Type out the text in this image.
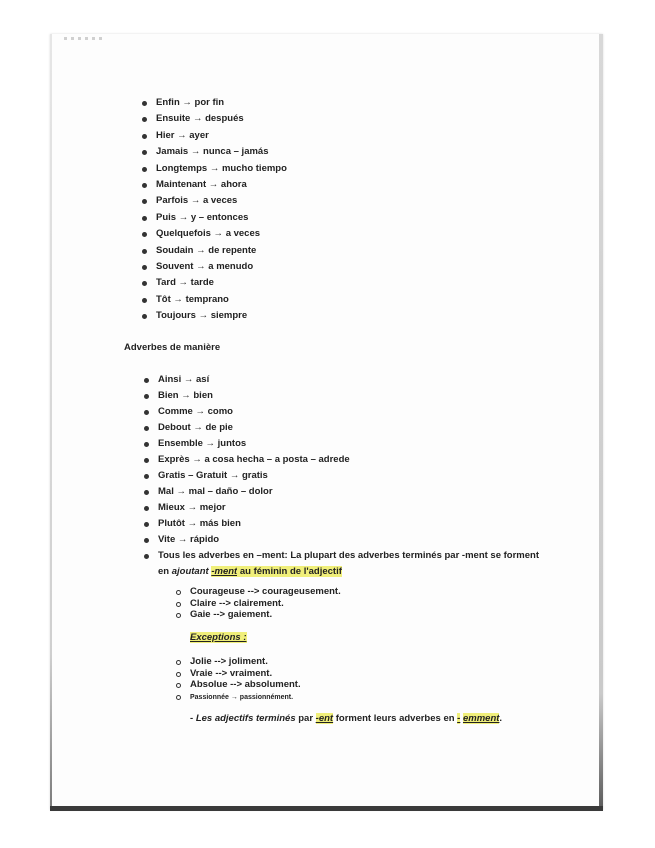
Enfin → por fin
Ensuite → después
Hier → ayer
Jamais → nunca – jamás
Longtemps → mucho tiempo
Maintenant → ahora
Parfois → a veces
Puis → y – entonces
Quelquefois → a veces
Soudain → de repente
Souvent → a menudo
Tard → tarde
Tôt → temprano
Toujours → siempre
Adverbes de manière
Ainsi → así
Bien → bien
Comme → como
Debout → de pie
Ensemble → juntos
Exprès → a cosa hecha – a posta – adrede
Gratis – Gratuit → gratis
Mal → mal – daño – dolor
Mieux → mejor
Plutôt → más bien
Vite → rápido
Tous les adverbes en –ment: La plupart des adverbes terminés par -ment se forment en ajoutant -ment au féminin de l'adjectif
Courageuse --> courageusement.
Claire --> clairement.
Gaie --> gaiement.
Exceptions :
Jolie --> joliment.
Vraie --> vraiment.
Absolue --> absolument.
Passionnée → passionnément.
- Les adjectifs terminés par -ent forment leurs adverbes en - emment.
